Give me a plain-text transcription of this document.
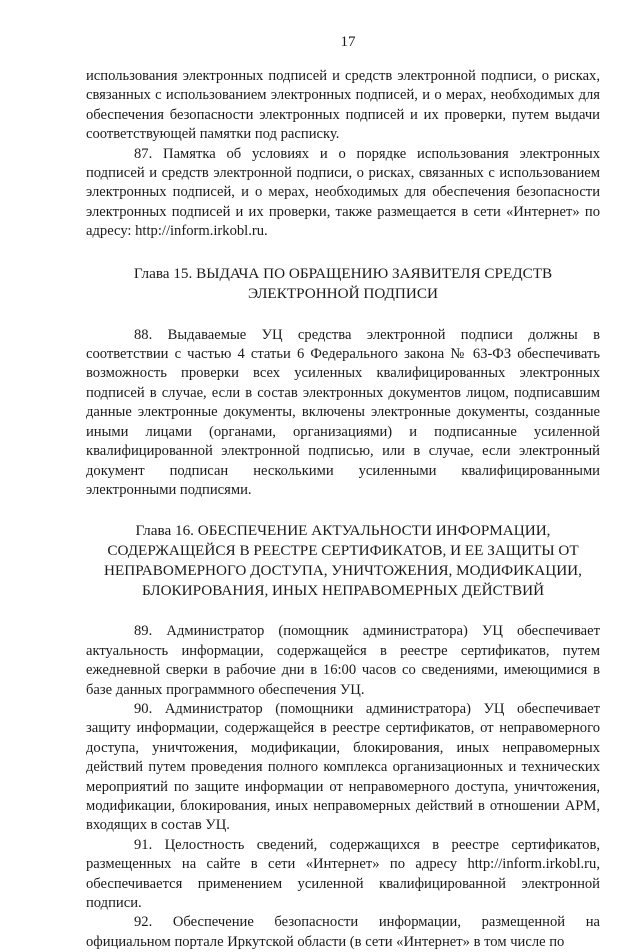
17

использования электронных подписей и средств электронной подписи, о рисках, связанных с использованием электронных подписей, и о мерах, необходимых для обеспечения безопасности электронных подписей и их проверки, путем выдачи соответствующей памятки под расписку.

87. Памятка об условиях и о порядке использования электронных подписей и средств электронной подписи, о рисках, связанных с использованием электронных подписей, и о мерах, необходимых для обеспечения безопасности электронных подписей и их проверки, также размещается в сети «Интернет» по адресу: http://inform.irkobl.ru.

Глава 15. ВЫДАЧА ПО ОБРАЩЕНИЮ ЗАЯВИТЕЛЯ СРЕДСТВ ЭЛЕКТРОННОЙ ПОДПИСИ

88. Выдаваемые УЦ средства электронной подписи должны в соответствии с частью 4 статьи 6 Федерального закона № 63-ФЗ обеспечивать возможность проверки всех усиленных квалифицированных электронных подписей в случае, если в состав электронных документов лицом, подписавшим данные электронные документы, включены электронные документы, созданные иными лицами (органами, организациями) и подписанные усиленной квалифицированной электронной подписью, или в случае, если электронный документ подписан несколькими усиленными квалифицированными электронными подписями.

Глава 16. ОБЕСПЕЧЕНИЕ АКТУАЛЬНОСТИ ИНФОРМАЦИИ, СОДЕРЖАЩЕЙСЯ В РЕЕСТРЕ СЕРТИФИКАТОВ, И ЕЕ ЗАЩИТЫ ОТ НЕПРАВОМЕРНОГО ДОСТУПА, УНИЧТОЖЕНИЯ, МОДИФИКАЦИИ, БЛОКИРОВАНИЯ, ИНЫХ НЕПРАВОМЕРНЫХ ДЕЙСТВИЙ

89. Администратор (помощник администратора) УЦ обеспечивает актуальность информации, содержащейся в реестре сертификатов, путем ежедневной сверки в рабочие дни в 16:00 часов со сведениями, имеющимися в базе данных программного обеспечения УЦ.

90. Администратор (помощники администратора) УЦ обеспечивает защиту информации, содержащейся в реестре сертификатов, от неправомерного доступа, уничтожения, модификации, блокирования, иных неправомерных действий путем проведения полного комплекса организационных и технических мероприятий по защите информации от неправомерного доступа, уничтожения, модификации, блокирования, иных неправомерных действий в отношении АРМ, входящих в состав УЦ.

91. Целостность сведений, содержащихся в реестре сертификатов, размещенных на сайте в сети «Интернет» по адресу http://inform.irkobl.ru, обеспечивается применением усиленной квалифицированной электронной подписи.

92. Обеспечение безопасности информации, размещенной на официальном портале Иркутской области (в сети «Интернет» в том числе по
